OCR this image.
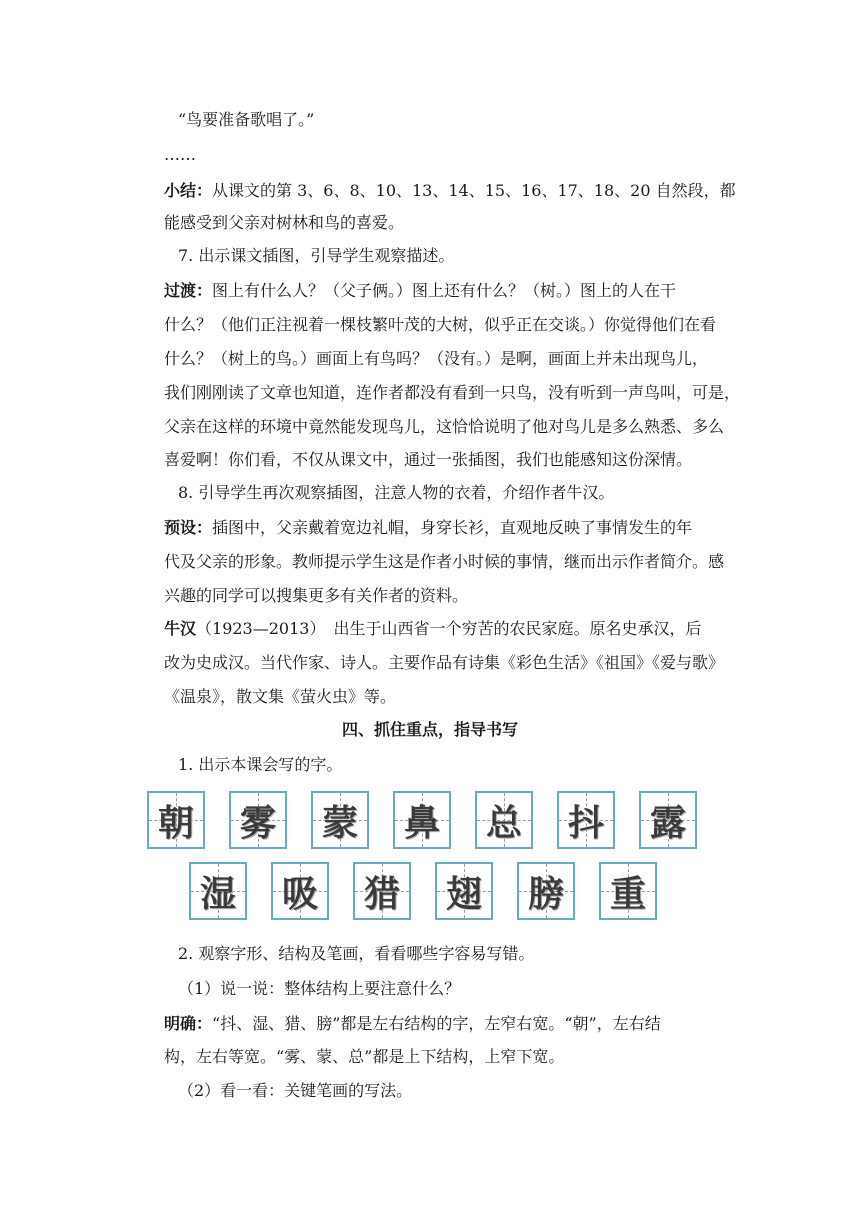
“鸟要准备歌唱了。”
……
小结：从课文的第 3、6、8、10、13、14、15、16、17、18、20 自然段，都
能感受到父亲对树林和鸟的喜爱。
7. 出示课文插图，引导学生观察描述。
过渡：图上有什么人？（父子俩。）图上还有什么？（树。）图上的人在干
什么？（他们正注视着一棵枝繁叶茂的大树，似乎正在交谈。）你觉得他们在看
什么？（树上的鸟。）画面上有鸟吗？（没有。）是啊，画面上并未出现鸟儿，
我们刚刚读了文章也知道，连作者都没有看到一只鸟，没有听到一声鸟叫，可是，
父亲在这样的环境中竟然能发现鸟儿，这恰恰说明了他对鸟儿是多么熟悉、多么
喜爱啊！你们看，不仅从课文中，通过一张插图，我们也能感知这份深情。
8. 引导学生再次观察插图，注意人物的衣着，介绍作者牛汉。
预设：插图中，父亲戴着宽边礼帽，身穿长衫，直观地反映了事情发生的年
代及父亲的形象。教师提示学生这是作者小时候的事情，继而出示作者简介。感
兴趣的同学可以搜集更多有关作者的资料。
牛汉（1923—2013）　出生于山西省一个穷苦的农民家庭。原名史承汉，后
改为史成汉。当代作家、诗人。主要作品有诗集《彩色生活》《祖国》《爱与歌》
《温泉》，散文集《萤火虫》等。
四、抓住重点，指导书写
1. 出示本课会写的字。
朝 雾 蒙 鼻 总 抖 露
湿 吸 猎 翅 膀 重
2. 观察字形、结构及笔画，看看哪些字容易写错。
（1）说一说：整体结构上要注意什么？
明确：“抖、湿、猎、膀”都是左右结构的字，左窄右宽。“朝”，左右结
构，左右等宽。“雾、蒙、总”都是上下结构，上窄下宽。
（2）看一看：关键笔画的写法。
